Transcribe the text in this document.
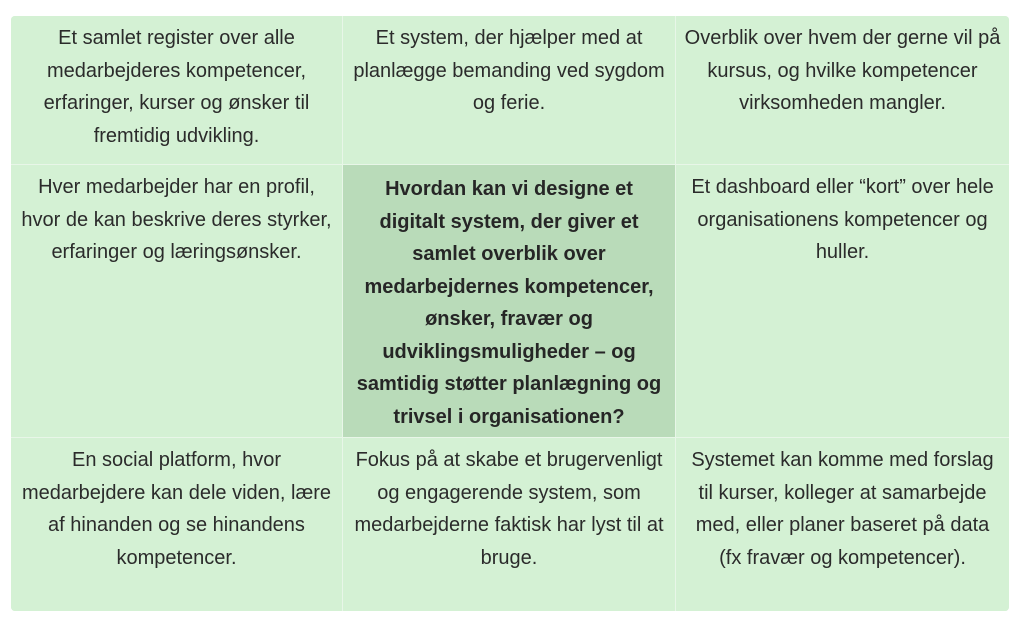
Et samlet register over alle medarbejderes kompetencer, erfaringer, kurser og ønsker til fremtidig udvikling.
Et system, der hjælper med at planlægge bemanding ved sygdom og ferie.
Overblik over hvem der gerne vil på kursus, og hvilke kompetencer virksomheden mangler.
Hver medarbejder har en profil, hvor de kan beskrive deres styrker, erfaringer og læringsønsker.
Hvordan kan vi designe et digitalt system, der giver et samlet overblik over medarbejdernes kompetencer, ønsker, fravær og udviklingsmuligheder – og samtidig støtter planlægning og trivsel i organisationen?
Et dashboard eller “kort” over hele organisationens kompetencer og huller.
En social platform, hvor medarbejdere kan dele viden, lære af hinanden og se hinandens kompetencer.
Fokus på at skabe et brugervenligt og engagerende system, som medarbejderne faktisk har lyst til at bruge.
Systemet kan komme med forslag til kurser, kolleger at samarbejde med, eller planer baseret på data (fx fravær og kompetencer).
